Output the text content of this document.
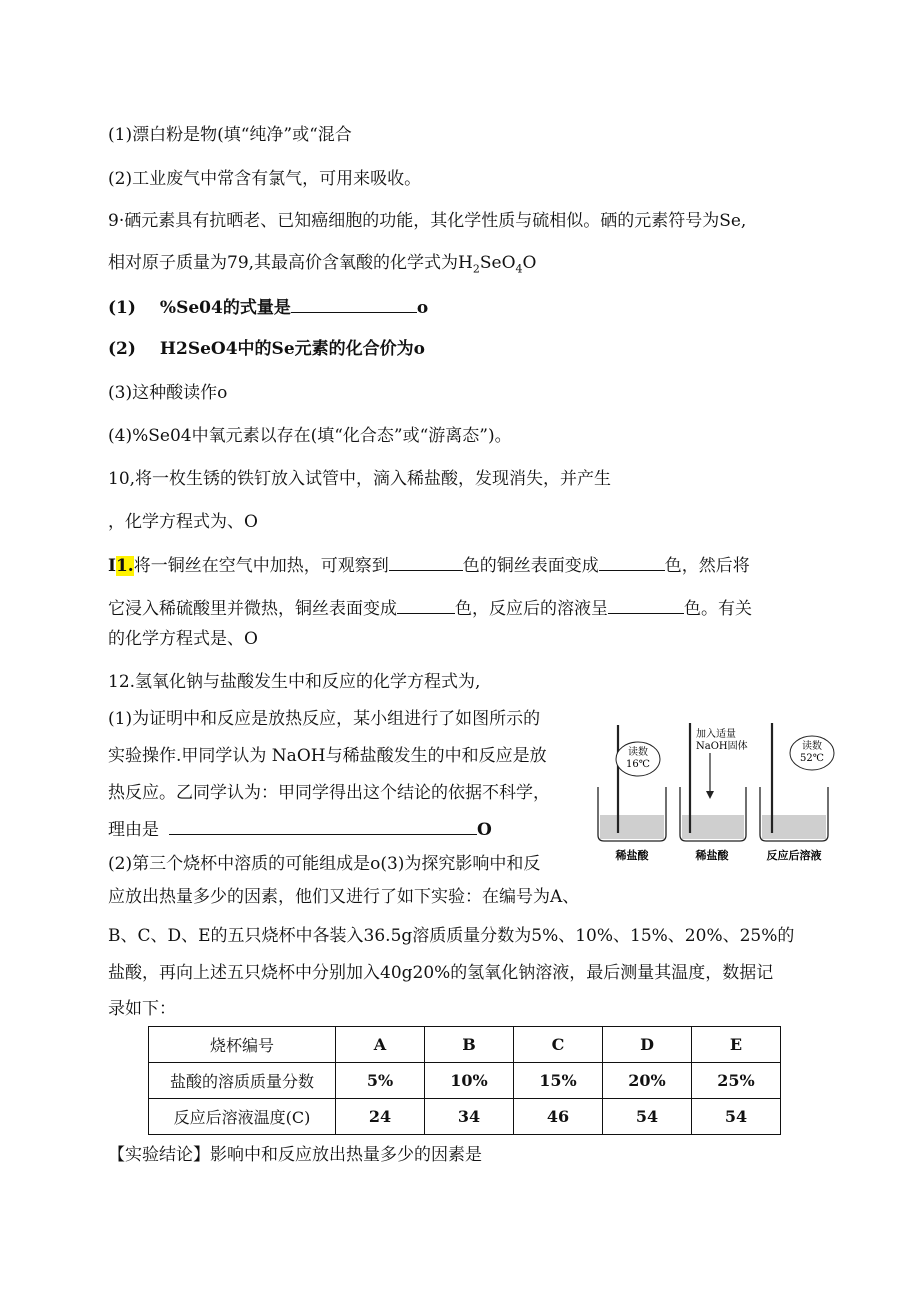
(1)漂白粉是物(填“纯净”或“混合
(2)工业废气中常含有氯气，可用来吸收。
9·硒元素具有抗晒老、已知癌细胞的功能，其化学性质与硫相似。硒的元素符号为Se,
相对原子质量为79,其最高价含氧酸的化学式为$H_2SeO_4O$
(1) %Se04的式量是	o
(2) H2SeO4中的Se元素的化合价为o
(3)这种酸读作o
(4)%Se04中氧元素以存在(填“化合态”或“游离态”)。
10,将一枚生锈的铁钉放入试管中，滴入稀盐酸，发现消失，并产生
，化学方程式为、O
I1.将一铜丝在空气中加热，可观察到	色的铜丝表面变成	色，然后将
它浸入稀硫酸里并微热，铜丝表面变成	色，反应后的溶液呈	色。有关
的化学方程式是、O
12.氢氧化钠与盐酸发生中和反应的化学方程式为,
(1)为证明中和反应是放热反应，某小组进行了如图所示的
实验操作.甲同学认为 NaOH与稀盐酸发生的中和反应是放
热反应。乙同学认为：甲同学得出这个结论的依据不科学，
理由是	O
(2)第三个烧杯中溶质的可能组成是o(3)为探究影响中和反
应放出热量多少的因素，他们又进行了如下实验：在编号为A、
B、C、D、E的五只烧杯中各装入36.5g溶质质量分数为5%、10%、15%、20%、25%的
盐酸，再向上述五只烧杯中分别加入40g20%的氢氧化钠溶液，最后测量其温度，数据记
录如下：
读数
16℃
稀盐酸
加入适量
NaOH固体
稀盐酸
读数
52℃
反应后溶液
烧杯编号	A	B	C	D	E
盐酸的溶质质量分数	5%	10%	15%	20%	25%
反应后溶液温度(C)	24	34	46	54	54
【实验结论】影响中和反应放出热量多少的因素是
